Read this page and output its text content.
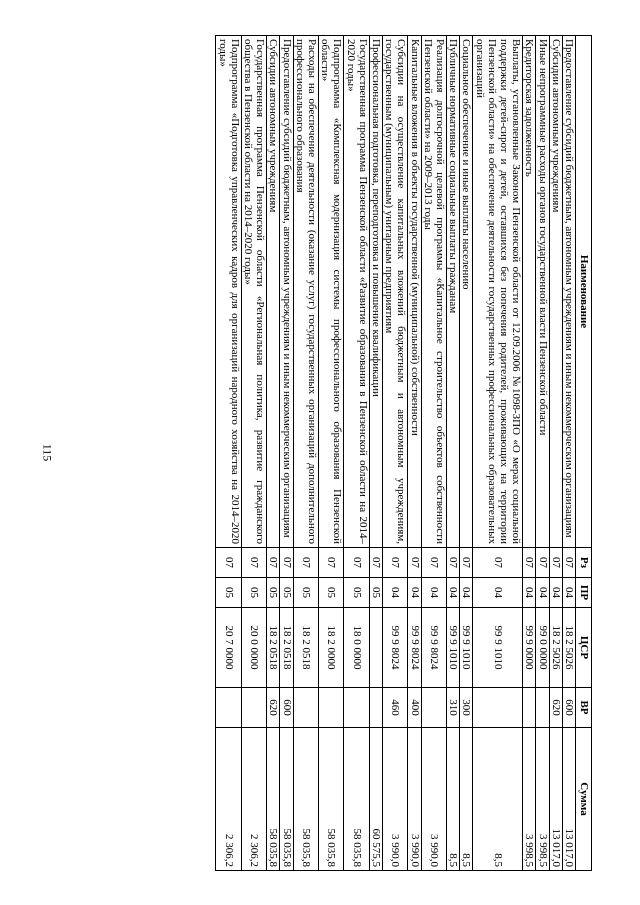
115
Наименование	Рз	ПР	ЦСР	ВР	Сумма
Предоставление субсидий бюджетным, автономным учреждениям и иным некоммерческим организациям	07	04	18 2 5026	600	13 017,0
Субсидии автономным учреждениям	07	04	18 2 5026	620	13 017,0
Иные непрограммные расходы органов государственной власти Пензенской области	07	04	99 0 0000		3 998,5
Кредиторская задолженность	07	04	99 9 0000		3 998,5
Выплаты, установленные Законом Пензенской области от 12.09.2006 №1098-ЗПО «О мерах социальной поддержки детей-сирот и детей, оставшихся без попечения родителей, проживающих на территории Пензенской области» на обеспечение деятельности государственных профессиональных образовательных организаций	07	04	99 9 1010		8,5
Социальное обеспечение и иные выплаты населению	07	04	99 9 1010	300	8,5
Публичные нормативные социальные выплаты гражданам	07	04	99 9 1010	310	8,5
Реализация долгосрочной целевой программы «Капитальное строительство объектов собственности Пензенской области» на 2009–2013 годы	07	04	99 9 8024		3 990,0
Капитальные вложения в объекты государственной (муниципальной) собственности	07	04	99 9 8024	400	3 990,0
Субсидии на осуществление капитальных вложений бюджетным и автономным учреждениям, государственным (муниципальным) унитарным предприятиям	07	04	99 9 8024	460	3 990,0
Профессиональная подготовка, переподготовка и повышение квалификации	07	05			60 575,5
Государственная программа Пензенской области «Развитие образования в Пензенской области на 2014–2020 годы»	07	05	18 0 0000		58 035,8
Подпрограмма «Комплексная модернизация системы профессионального образования Пензенской области»	07	05	18 2 0000		58 035,8
Расходы на обеспечение деятельности (оказание услуг) государственных организаций дополнительного профессионального образования	07	05	18 2 0518		58 035,8
Предоставление субсидий бюджетным, автономным учреждениям и иным некоммерческим организациям	07	05	18 2 0518	600	58 035,8
Субсидии автономным учреждениям	07	05	18 2 0518	620	58 035,8
Государственная программа Пензенской области «Региональная политика, развитие гражданского общества в Пензенской области на 2014–2020 годы»	07	05	20 0 0000		2 306,2
Подпрограмма «Подготовка управленческих кадров для организаций народного хозяйства на 2014–2020 годы»	07	05	20 7 0000		2 306,2
